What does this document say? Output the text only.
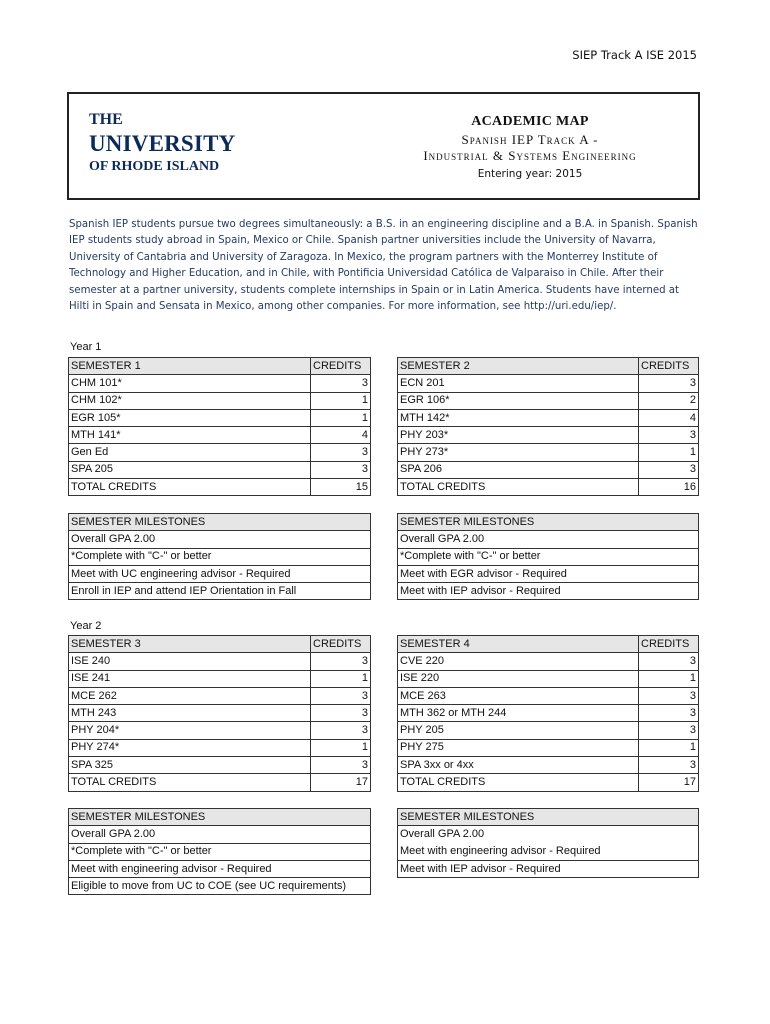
SIEP Track A ISE 2015
THE
UNIVERSITY
OF RHODE ISLAND
ACADEMIC MAP
Spanish IEP Track A -
Industrial & Systems Engineering
Entering year: 2015

Spanish IEP students pursue two degrees simultaneously: a B.S. in an engineering discipline and a B.A. in Spanish. Spanish IEP students study abroad in Spain, Mexico or Chile. Spanish partner universities include the University of Navarra, University of Cantabria and University of Zaragoza. In Mexico, the program partners with the Monterrey Institute of Technology and Higher Education, and in Chile, with Pontificia Universidad Católica de Valparaiso in Chile. After their semester at a partner university, students complete internships in Spain or in Latin America. Students have interned at Hilti in Spain and Sensata in Mexico, among other companies. For more information, see http://uri.edu/iep/.

Year 1
SEMESTER 1	CREDITS
CHM 101*	3
CHM 102*	1
EGR 105*	1
MTH 141*	4
Gen Ed	3
SPA 205	3
TOTAL CREDITS	15
SEMESTER 2	CREDITS
ECN 201	3
EGR 106*	2
MTH 142*	4
PHY 203*	3
PHY 273*	1
SPA 206	3
TOTAL CREDITS	16
SEMESTER MILESTONES
Overall GPA 2.00
*Complete with "C-" or better
Meet with UC engineering advisor - Required
Enroll in IEP and attend IEP Orientation in Fall
SEMESTER MILESTONES
Overall GPA 2.00
*Complete with "C-" or better
Meet with EGR advisor - Required
Meet with IEP advisor - Required
Year 2
SEMESTER 3	CREDITS
ISE 240	3
ISE 241	1
MCE 262	3
MTH 243	3
PHY 204*	3
PHY 274*	1
SPA 325	3
TOTAL CREDITS	17
SEMESTER 4	CREDITS
CVE 220	3
ISE 220	1
MCE 263	3
MTH 362 or MTH 244	3
PHY 205	3
PHY 275	1
SPA 3xx or 4xx	3
TOTAL CREDITS	17
SEMESTER MILESTONES
Overall GPA 2.00
*Complete with "C-" or better
Meet with engineering advisor - Required
Eligible to move from UC to COE (see UC requirements)
SEMESTER MILESTONES
Overall GPA 2.00
Meet with engineering advisor - Required
Meet with IEP advisor - Required
